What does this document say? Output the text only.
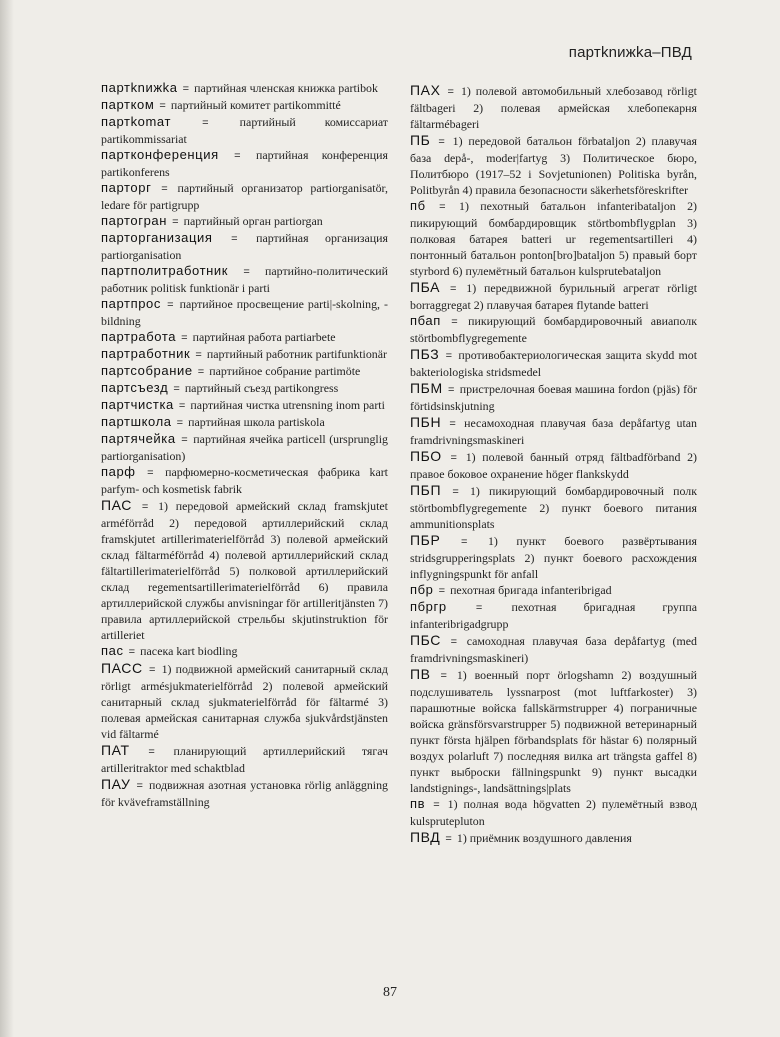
партknижka–ПВД

партknижka = партийная членская книжка partibok

партком = партийный комитет partikommitté

партkomат = партийный комиссариат partikommissariat

партконференция = партийная конференция partikonferens

парторг = партийный организатор partiorganisatör, ledare för partigrupp

партогран = партийный орган partiorgan

парторганизация = партийная организация partiorganisation

партполитработник = партийно-политический работник politisk funktionär i parti

партпрос = партийное просвещение parti|-skolning, -bildning

партработа = партийная работа partiarbete

партработник = партийный работник partifunktionär

партсобрание = партийное собрание partimöte

партсъезд = партийный съезд partikongress

партчистка = партийная чистка utrensning inom parti

партшкола = партийная школа partiskola

партячейка = партийная ячейка particell (ursprunglig partiorganisation)

парф = парфюмерно-косметическая фабрика kart parfym- och kosmetisk fabrik

ПАС = 1) передовой армейский склад framskjutet arméförråd 2) передовой артиллерийский склад framskjutet artillerimaterielförråd 3) полевой армейский склад fältarméförråd 4) полевой артиллерийский склад fältartillerimaterielförråd 5) полковой артиллерийский склад regementsartillerimaterielförråd 6) правила артиллерийской службы anvisningar för artilleritjänsten 7) правила артиллерийской стрельбы skjutinstruktion för artilleriet

пас = пасека kart biodling

ПАСС = 1) подвижной армейский санитарный склад rörligt armésjukmaterielförråd 2) полевой армейский санитарный склад sjukmaterielförråd för fältarmé 3) полевая армейская санитарная служба sjukvårdstjänsten vid fältarmé

ПАТ = планирующий артиллерийский тягач artilleritraktor med schaktblad

ПАУ = подвижная азотная установка rörlig anläggning för kväveframställning

ПАХ = 1) полевой автомобильный хлебозавод rörligt fältbageri 2) полевая армейская хлебопекарня fältarmébageri

ПБ = 1) передовой батальон förbataljon 2) плавучая база depå-, moder|fartyg 3) Политическое бюро, Политбюро (1917–52 i Sovjetunionen) Politiska byrån, Politbyrån 4) правила безопасности säkerhetsföreskrifter

пб = 1) пехотный батальон infanteribataljon 2) пикирующий бомбардировщик störtbombflygplan 3) полковая батарея batteri ur regementsartilleri 4) понтонный батальон ponton[bro]bataljon 5) правый борт styrbord 6) пулемётный батальон kulsprutebataljon

ПБА = 1) передвижной бурильный агрегат rörligt borraggregat 2) плавучая батарея flytande batteri

пбап = пикирующий бомбардировочный авиаполк störtbombflygregemente

ПБЗ = противобактериологическая защита skydd mot bakteriologiska stridsmedel

ПБМ = пристрелочная боевая машина fordon (pjäs) för förtidsinskjutning

ПБН = несамоходная плавучая база depåfartyg utan framdrivningsmaskineri

ПБО = 1) полевой банный отряд fältbadförband 2) правое боковое охранение höger flankskydd

ПБП = 1) пикирующий бомбардировочный полк störtbombflygregemente 2) пункт боевого питания ammunitionsplats

ПБР = 1) пункт боевого развёртывания stridsgrupperingsplats 2) пункт боевого расхождения inflygningspunkt för anfall

пбр = пехотная бригада infanteribrigad

пбргр = пехотная бригадная группа infanteribrigadgrupp

ПБС = самоходная плавучая база depåfartyg (med framdrivningsmaskineri)

ПВ = 1) военный порт örlogshamn 2) воздушный подслушиватель lyssnarpost (mot luftfarkoster) 3) парашютные войска fallskärmstrupper 4) пограничные войска gränsförsvarstrupper 5) подвижной ветеринарный пункт första hjälpen förbandsplats för hästar 6) полярный воздух polarluft 7) последняя вилка art trängsta gaffel 8) пункт выброски fällningspunkt 9) пункт высадки landstignings-, landsättnings|plats

пв = 1) полная вода högvatten 2) пулемётный взвод kulsprutepluton

ПВД = 1) приёмник воздушного давления

87
